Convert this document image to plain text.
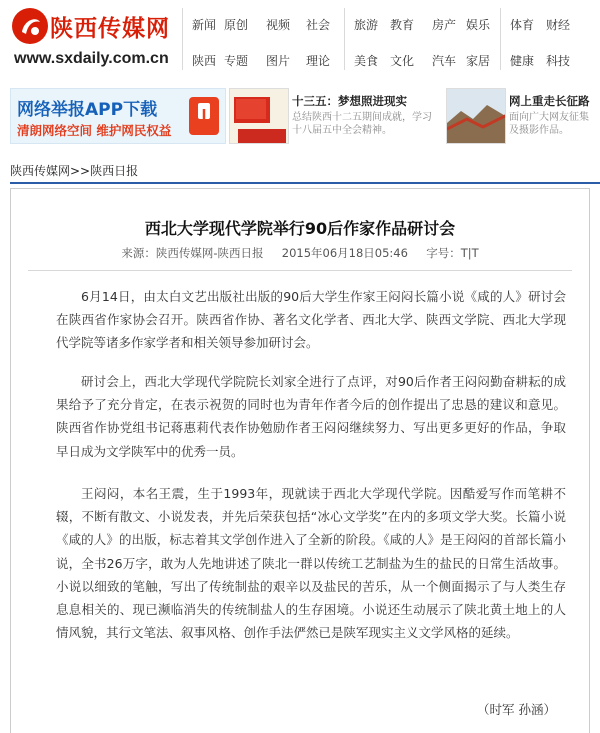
陕西传媒网
www.sxdaily.com.cn
新闻 原创 视频 社会
陕西 专题 图片 理论
旅游 教育 房产 娱乐
美食 文化 汽车 家居
体育 财经
健康 科技
网络举报APP下载
清朗网络空间 维护网民权益
十三五：梦想照进现实
总结陕西十二五期间成就，学习
十八届五中全会精神。
网上重走长征路
面向广大网友征集
及摄影作品。
陕西传媒网>>陕西日报
西北大学现代学院举行90后作家作品研讨会
来源：陕西传媒网-陕西日报 2015年06月18日05:46 字号：T|T
6月14日，由太白文艺出版社出版的90后大学生作家王闷闷长篇小说《咸的人》研讨会在陕西省作家协会召开。陕西省作协、著名文化学者、西北大学、陕西文学院、西北大学现代学院等诸多作家学者和相关领导参加研讨会。
研讨会上，西北大学现代学院院长刘家全进行了点评，对90后作者王闷闷勤奋耕耘的成果给予了充分肯定，在表示祝贺的同时也为青年作者今后的创作提出了忠恳的建议和意见。陕西省作协党组书记蒋惠莉代表作协勉励作者王闷闷继续努力、写出更多更好的作品，争取早日成为文学陕军中的优秀一员。
王闷闷，本名王震，生于1993年，现就读于西北大学现代学院。因酷爱写作而笔耕不辍，不断有散文、小说发表，并先后荣获包括“冰心文学奖”在内的多项文学大奖。长篇小说《咸的人》的出版，标志着其文学创作进入了全新的阶段。《咸的人》是王闷闷的首部长篇小说，全书26万字，敢为人先地讲述了陕北一群以传统工艺制盐为生的盐民的日常生活故事。小说以细致的笔触，写出了传统制盐的艰辛以及盐民的苦乐，从一个侧面揭示了与人类生存息息相关的、现已濒临消失的传统制盐人的生存困境。小说还生动展示了陕北黄土地上的人情风貌，其行文笔法、叙事风格、创作手法俨然已是陕军现实主义文学风格的延续。
（时军 孙涵）
